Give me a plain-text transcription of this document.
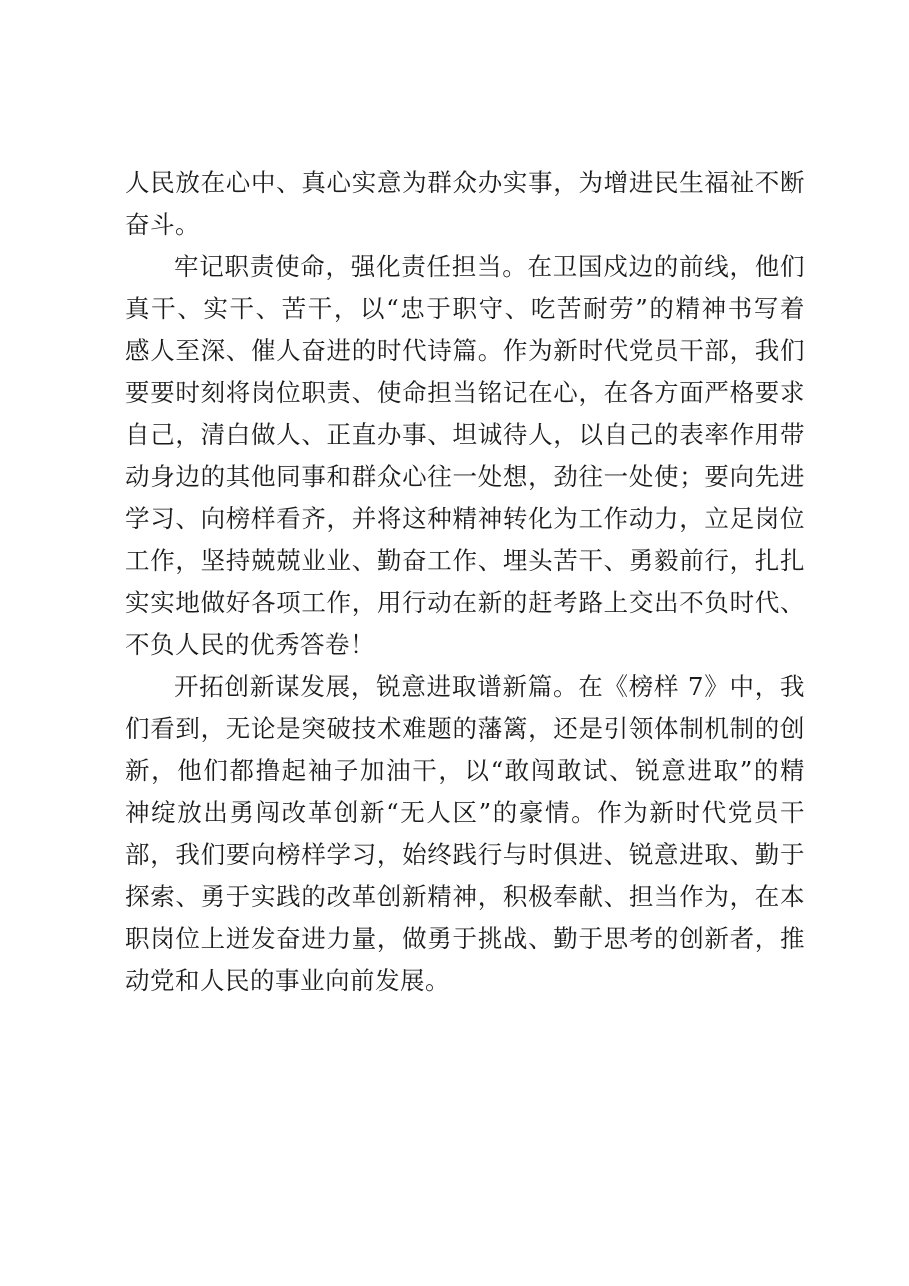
人民放在心中、真心实意为群众办实事，为增进民生福祉不断
奋斗。
牢记职责使命，强化责任担当。在卫国戍边的前线，他们
真干、实干、苦干，以“忠于职守、吃苦耐劳”的精神书写着
感人至深、催人奋进的时代诗篇。作为新时代党员干部，我们
要要时刻将岗位职责、使命担当铭记在心，在各方面严格要求
自己，清白做人、正直办事、坦诚待人，以自己的表率作用带
动身边的其他同事和群众心往一处想，劲往一处使；要向先进
学习、向榜样看齐，并将这种精神转化为工作动力，立足岗位
工作，坚持兢兢业业、勤奋工作、埋头苦干、勇毅前行，扎扎
实实地做好各项工作，用行动在新的赶考路上交出不负时代、
不负人民的优秀答卷！
开拓创新谋发展，锐意进取谱新篇。在《榜样 7》中，我
们看到，无论是突破技术难题的藩篱，还是引领体制机制的创
新，他们都撸起袖子加油干，以“敢闯敢试、锐意进取”的精
神绽放出勇闯改革创新“无人区”的豪情。作为新时代党员干
部，我们要向榜样学习，始终践行与时俱进、锐意进取、勤于
探索、勇于实践的改革创新精神，积极奉献、担当作为，在本
职岗位上迸发奋进力量，做勇于挑战、勤于思考的创新者，推
动党和人民的事业向前发展。
